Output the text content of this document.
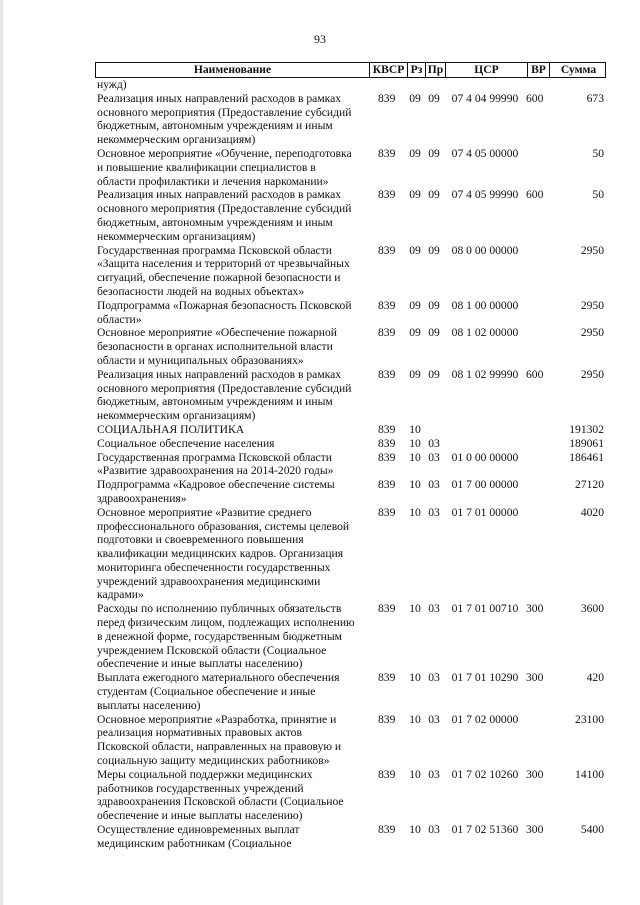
93
Наименование	КВСР Рз Пр	ЦСР	ВР	Сумма
нужд)
Реализация иных направлений расходов в рамках
основного мероприятия (Предоставление субсидий
бюджетным, автономным учреждениям и иным
некоммерческим организациям)
839	09 09	07 4 04 99990 600	673
Основное мероприятие «Обучение, переподготовка
и повышение квалификации специалистов в
области профилактики и лечения наркомании»
839	09 09	07 4 05 00000	50
Реализация иных направлений расходов в рамках
основного мероприятия (Предоставление субсидий
бюджетным, автономным учреждениям и иным
некоммерческим организациям)
839	09 09	07 4 05 99990 600	50
Государственная программа Псковской области
«Защита населения и территорий от чрезвычайных
ситуаций, обеспечение пожарной безопасности и
безопасности людей на водных объектах»
839	09 09	08 0 00 00000	2950
Подпрограмма «Пожарная безопасность Псковской
области»
839	09 09	08 1 00 00000	2950
Основное мероприятие «Обеспечение пожарной
безопасности в органах исполнительной власти
области и муниципальных образованиях»
839	09 09	08 1 02 00000	2950
Реализация иных направлений расходов в рамках
основного мероприятия (Предоставление субсидий
бюджетным, автономным учреждениям и иным
некоммерческим организациям)
839	09 09	08 1 02 99990 600	2950
СОЦИАЛЬНАЯ ПОЛИТИКА	839	10	191302
Социальное обеспечение населения	839	10 03	189061
Государственная программа Псковской области
«Развитие здравоохранения на 2014-2020 годы»
839	10 03	01 0 00 00000	186461
Подпрограмма «Кадровое обеспечение системы
здравоохранения»
839	10 03	01 7 00 00000	27120
Основное мероприятие «Развитие среднего
профессионального образования, системы целевой
подготовки и своевременного повышения
квалификации медицинских кадров. Организация
мониторинга обеспеченности государственных
учреждений здравоохранения медицинскими
кадрами»
839	10 03	01 7 01 00000	4020
Расходы по исполнению публичных обязательств
перед физическим лицом, подлежащих исполнению
в денежной форме, государственным бюджетным
учреждением Псковской области (Социальное
обеспечение и иные выплаты населению)
839	10 03	01 7 01 00710 300	3600
Выплата ежегодного материального обеспечения
студентам (Социальное обеспечение и иные
выплаты населению)
839	10 03	01 7 01 10290 300	420
Основное мероприятие «Разработка, принятие и
реализация нормативных правовых актов
Псковской области, направленных на правовую и
социальную защиту медицинских работников»
839	10 03	01 7 02 00000	23100
Меры социальной поддержки медицинских
работников государственных учреждений
здравоохранения Псковской области (Социальное
обеспечение и иные выплаты населению)
839	10 03	01 7 02 10260 300	14100
Осуществление единовременных выплат
медицинским работникам (Социальное
839	10 03	01 7 02 51360 300	5400
